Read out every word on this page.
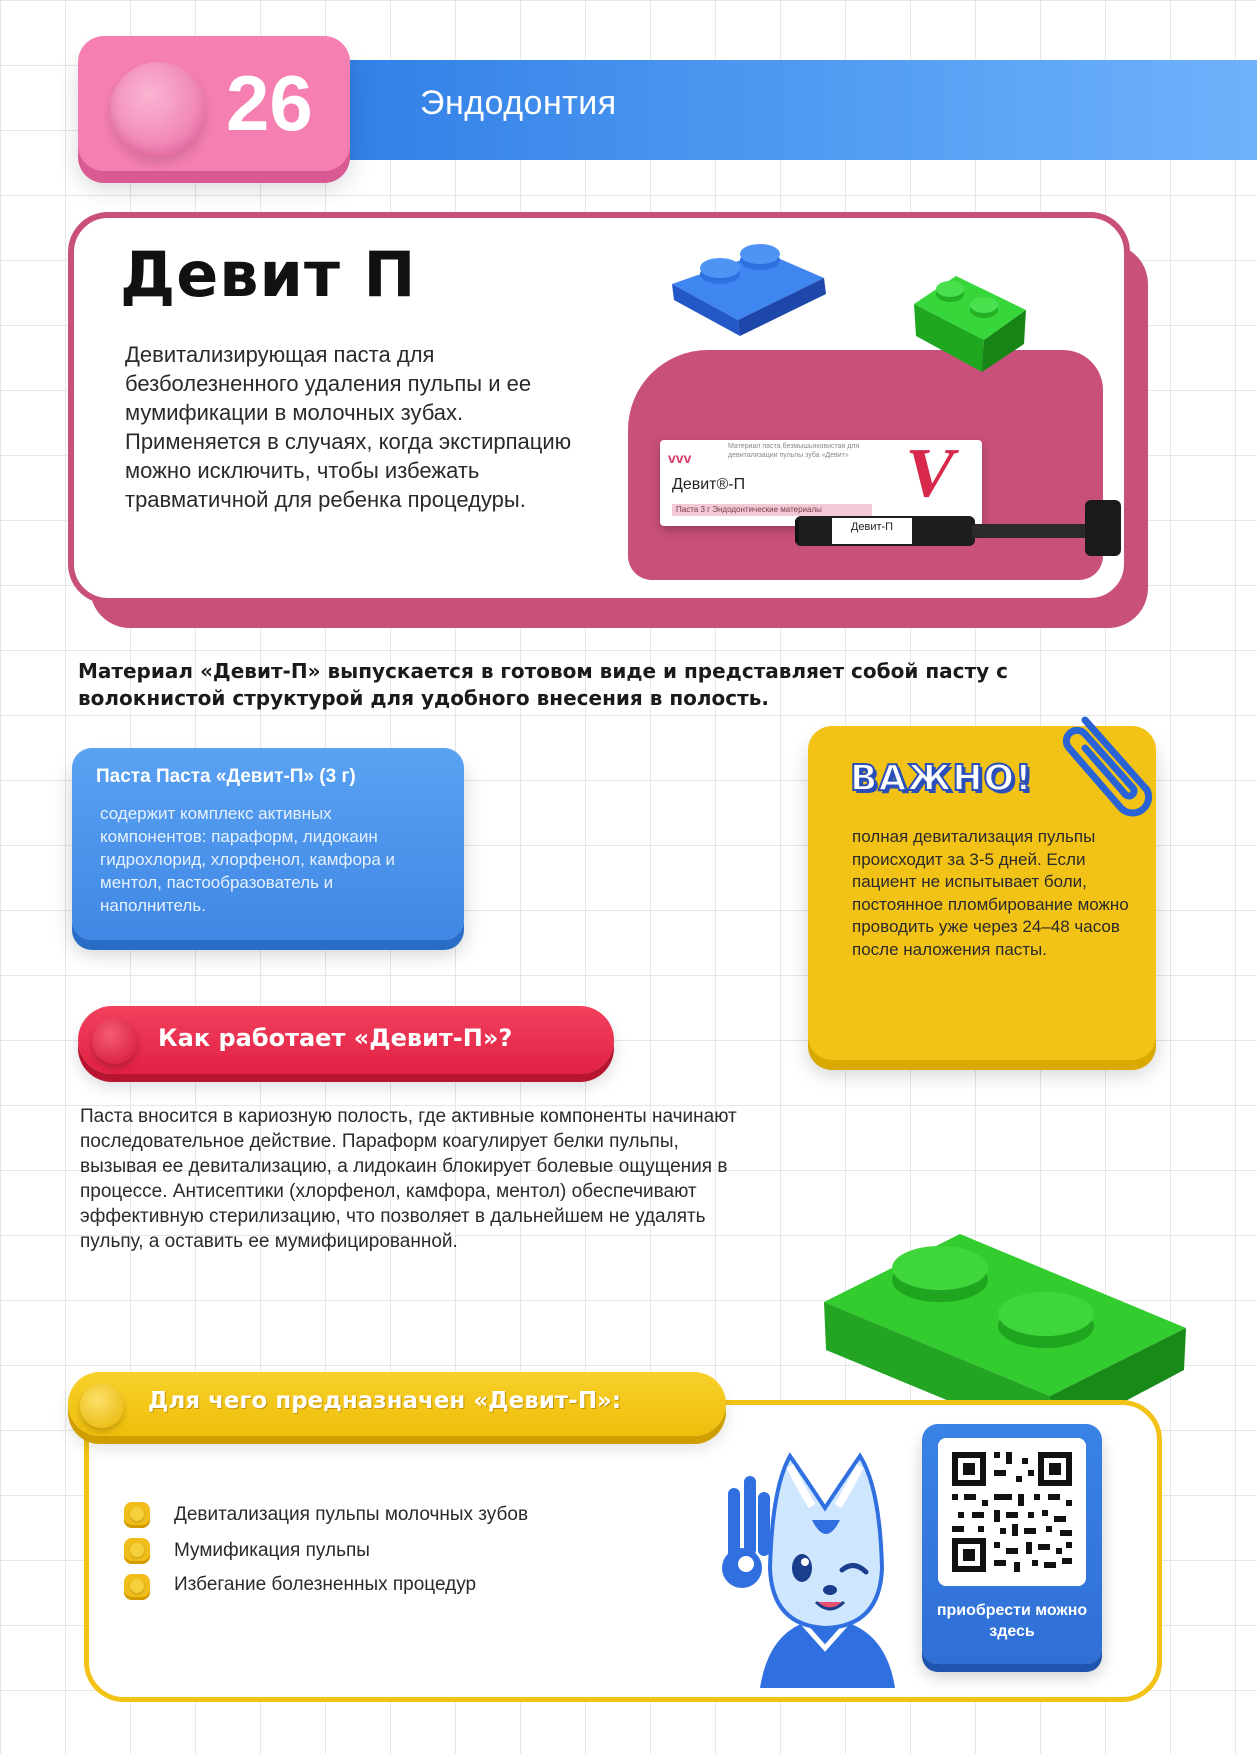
Эндодонтия
vvv 26
Девит П
Девитализирующая паста для безболезненного удаления пульпы и ее мумификации в молочных зубах. Применяется в случаях, когда экстирпацию можно исключить, чтобы избежать травматичной для ребенка процедуры.
vvv
Материал паста безмышьяковистая для девитализации пульпы зуба «Девит»
Девит®-П
Паста 3 г Эндодонтические материалы	V
Девит-П
Материал «Девит-П» выпускается в готовом виде и представляет собой пасту с волокнистой структурой для удобного внесения в полость.
Паста Паста «Девит-П» (3 г)
содержит комплекс активных компонентов: параформ, лидокаин гидрохлорид, хлорфенол, камфора и ментол, пастообразователь и наполнитель.
ВАЖНО!
полная девитализация пульпы происходит за 3-5 дней. Если пациент не испытывает боли, постоянное пломбирование можно проводить уже через 24–48 часов после наложения пасты.
Как работает «Девит-П»?
Паста вносится в кариозную полость, где активные компоненты начинают последовательное действие. Параформ коагулирует белки пульпы, вызывая ее девитализацию, а лидокаин блокирует болевые ощущения в процессе. Антисептики (хлорфенол, камфора, ментол) обеспечивают эффективную стерилизацию, что позволяет в дальнейшем не удалять пульпу, а оставить ее мумифицированной.
Для чего предназначен «Девит-П»:
Девитализация пульпы молочных зубов
Мумификация пульпы
Избегание болезненных процедур
приобрести можно здесь
